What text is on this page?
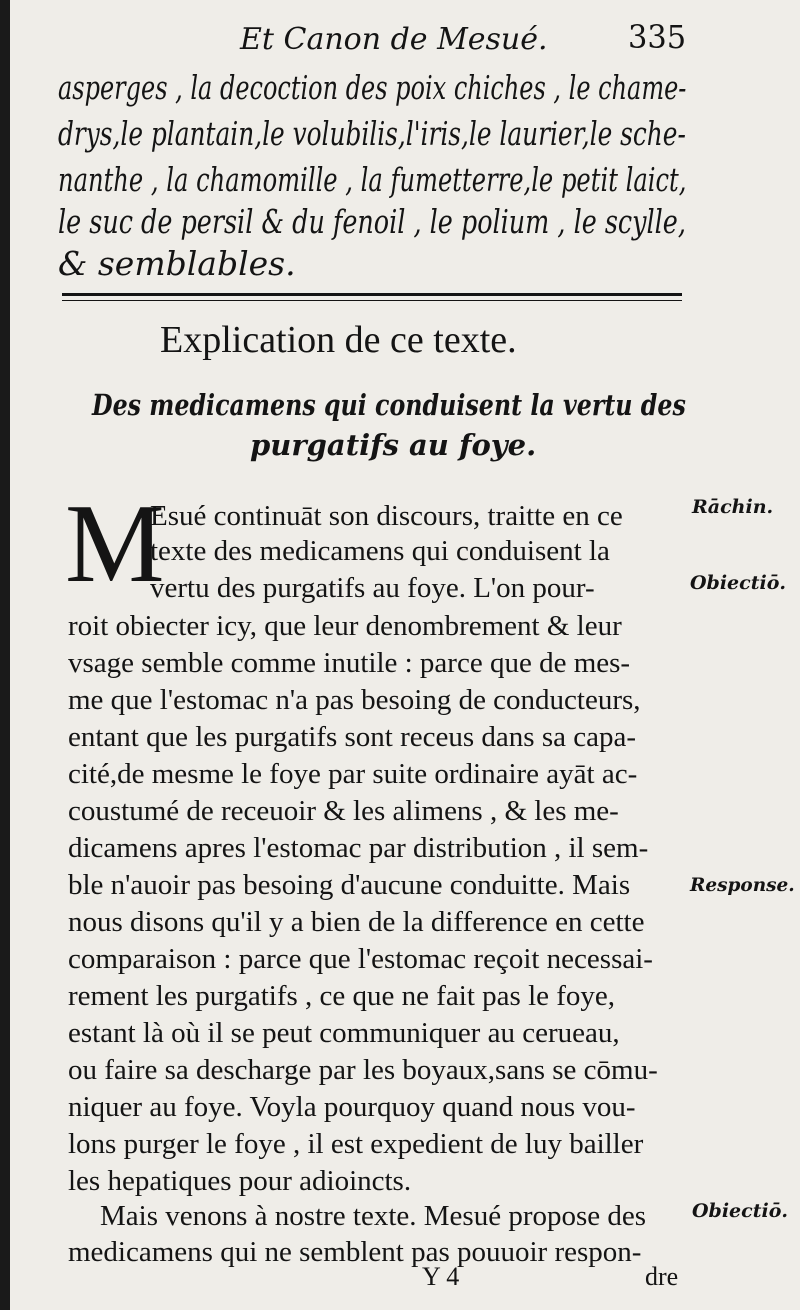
Et Canon de Mesué.	335
asperges , la decoction des poix chiches , le chame-
drys,le plantain,le volubilis,l'iris,le laurier,le sche-
nanthe , la chamomille , la fumetterre,le petit laict,
le suc de persil & du fenoil , le polium , le scylle,
& semblables.
Explication de ce texte.
Des medicamens qui conduisent la vertu des
purgatifs au foye.
M
Esué continuāt son discours, traitte en ce
texte des medicamens qui conduisent la
vertu des purgatifs au foye. L'on pour-
roit obiecter icy, que leur denombrement & leur
vsage semble comme inutile : parce que de mes-
me que l'estomac n'a pas besoing de conducteurs,
entant que les purgatifs sont receus dans sa capa-
cité,de mesme le foye par suite ordinaire ayāt ac-
coustumé de receuoir & les alimens , & les me-
dicamens apres l'estomac par distribution , il sem-
ble n'auoir pas besoing d'aucune conduitte. Mais
nous disons qu'il y a bien de la difference en cette
comparaison : parce que l'estomac reçoit necessai-
rement les purgatifs , ce que ne fait pas le foye,
estant là où il se peut communiquer au cerueau,
ou faire sa descharge par les boyaux,sans se cōmu-
niquer au foye. Voyla pourquoy quand nous vou-
lons purger le foye , il est expedient de luy bailler
les hepatiques pour adioincts.
Mais venons à nostre texte. Mesué propose des
medicamens qui ne semblent pas pouuoir respon-
Rāchin.
Obiectiō.
Response.
Obiectiō.
Y 4	dre
